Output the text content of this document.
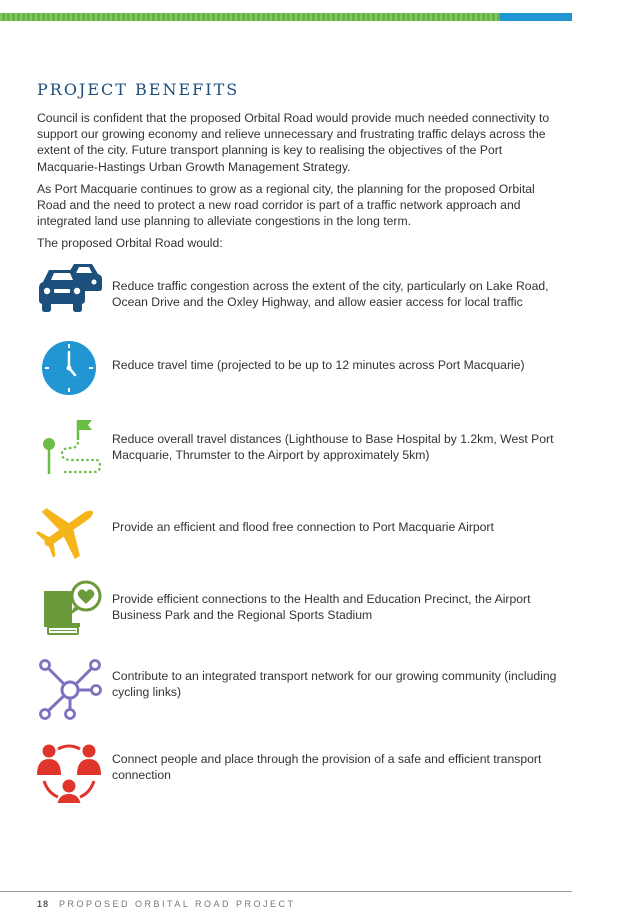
PROJECT BENEFITS

Council is confident that the proposed Orbital Road would provide much needed connectivity to support our growing economy and relieve unnecessary and frustrating traffic delays across the extent of the city. Future transport planning is key to realising the objectives of the Port Macquarie-Hastings Urban Growth Management Strategy.

As Port Macquarie continues to grow as a regional city, the planning for the proposed Orbital Road and the need to protect a new road corridor is part of a traffic network approach and integrated land use planning to alleviate congestions in the long term.

The proposed Orbital Road would:

Reduce traffic congestion across the extent of the city, particularly on Lake Road, Ocean Drive and the Oxley Highway, and allow easier access for local traffic

Reduce travel time (projected to be up to 12 minutes across Port Macquarie)

Reduce overall travel distances (Lighthouse to Base Hospital by 1.2km, West Port Macquarie, Thrumster to the Airport by approximately 5km)

Provide an efficient and flood free connection to Port Macquarie Airport

Provide efficient connections to the Health and Education Precinct, the Airport Business Park and the Regional Sports Stadium

Contribute to an integrated transport network for our growing community (including cycling links)

Connect people and place through the provision of a safe and efficient transport connection

18 PROPOSED ORBITAL ROAD PROJECT
